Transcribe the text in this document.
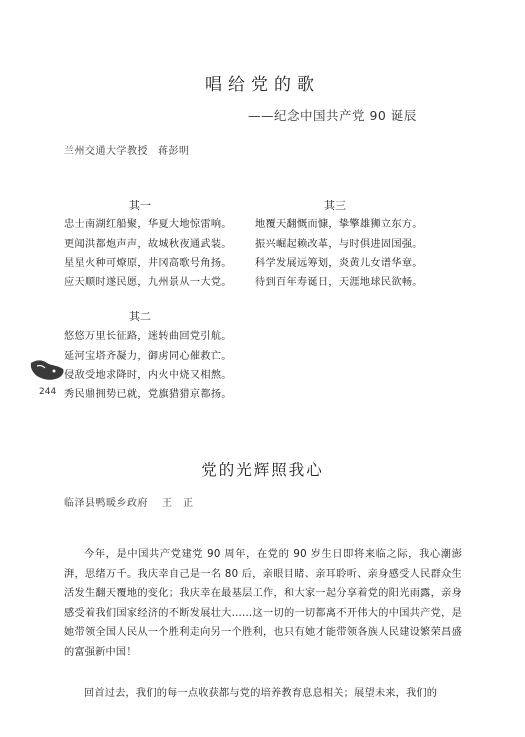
唱给党的歌
——纪念中国共产党 90 诞辰
兰州交通大学教授 蒋彭明
其一
忠士南湖红船聚，华夏大地惊雷响。
更闻洪都炮声声，故城秋夜通武装。
星星火种可燎原，井冈高歌号角扬。
应天顺时遂民愿，九州景从一大党。
其三
地覆天翻慨而慷，挚擎雄狮立东方。
振兴崛起赖改革，与时俱进固国强。
科学发展远筹划，炎黄儿女谱华章。
待到百年寿诞日，天涯地球民欲畅。
其二
悠悠万里长征路，迷转曲回党引航。
延河宝塔齐凝力，御虏同心催救亡。
侵敌受地求降时，内火中烧又相熬。
秀民鼎拥势已就，党旗猎猎京都扬。
244
党的光辉照我心
临泽县鸭暖乡政府 王　正
今年，是中国共产党建党 90 周年，在党的 90 岁生日即将来临之际，我心潮澎湃，思绪万千。我庆幸自己是一名 80 后，亲眼目睹、亲耳聆听、亲身感受人民群众生活发生翻天覆地的变化；我庆幸在最基层工作，和大家一起分享着党的阳光雨露，亲身感受着我们国家经济的不断发展壮大……这一切的一切都离不开伟大的中国共产党，是她带领全国人民从一个胜利走向另一个胜利，也只有她才能带领各族人民建设繁荣昌盛的富强新中国！
回首过去，我们的每一点收获都与党的培养教育息息相关；展望未来，我们的
